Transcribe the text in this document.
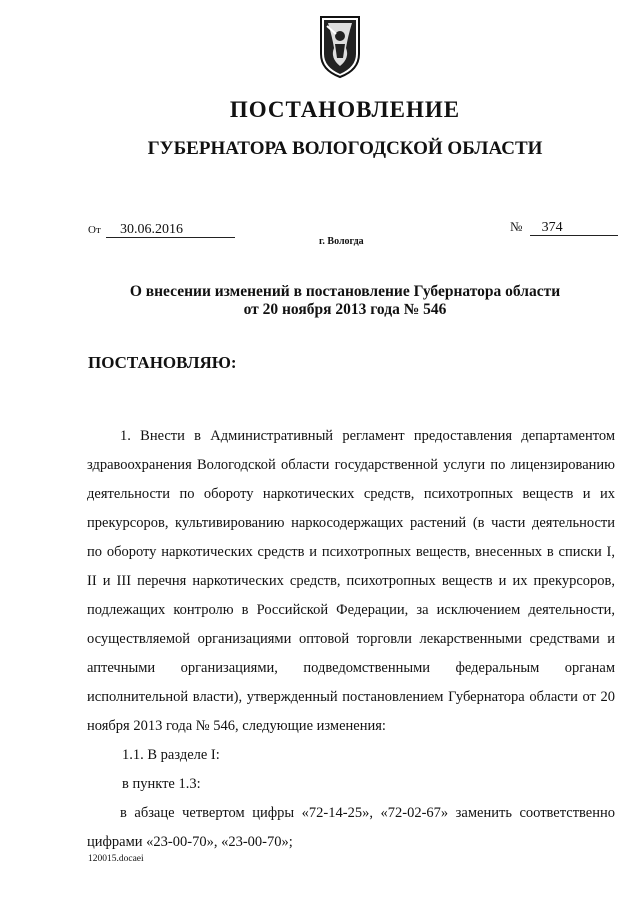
ПОСТАНОВЛЕНИЕ
ГУБЕРНАТОРА ВОЛОГОДСКОЙ ОБЛАСТИ
От 30.06.2016	№ 374
г. Вологда
О внесении изменений в постановление Губернатора области
от 20 ноября 2013 года № 546
ПОСТАНОВЛЯЮ:

1. Внести в Административный регламент предоставления департаментом здравоохранения Вологодской области государственной услуги по лицензированию деятельности по обороту наркотических средств, психотропных веществ и их прекурсоров, культивированию наркосодержащих растений (в части деятельности по обороту наркотических средств и психотропных веществ, внесенных в списки I, II и III перечня наркотических средств, психотропных веществ и их прекурсоров, подлежащих контролю в Российской Федерации, за исключением деятельности, осуществляемой организациями оптовой торговли лекарственными средствами и аптечными организациями, подведомственными федеральным органам исполнительной власти), утвержденный постановлением Губернатора области от 20 ноября 2013 года № 546, следующие изменения:

1.1. В разделе I:

в пункте 1.3:

в абзаце четвертом цифры «72-14-25», «72-02-67» заменить соответственно цифрами «23-00-70», «23-00-70»;

120015.docaei
